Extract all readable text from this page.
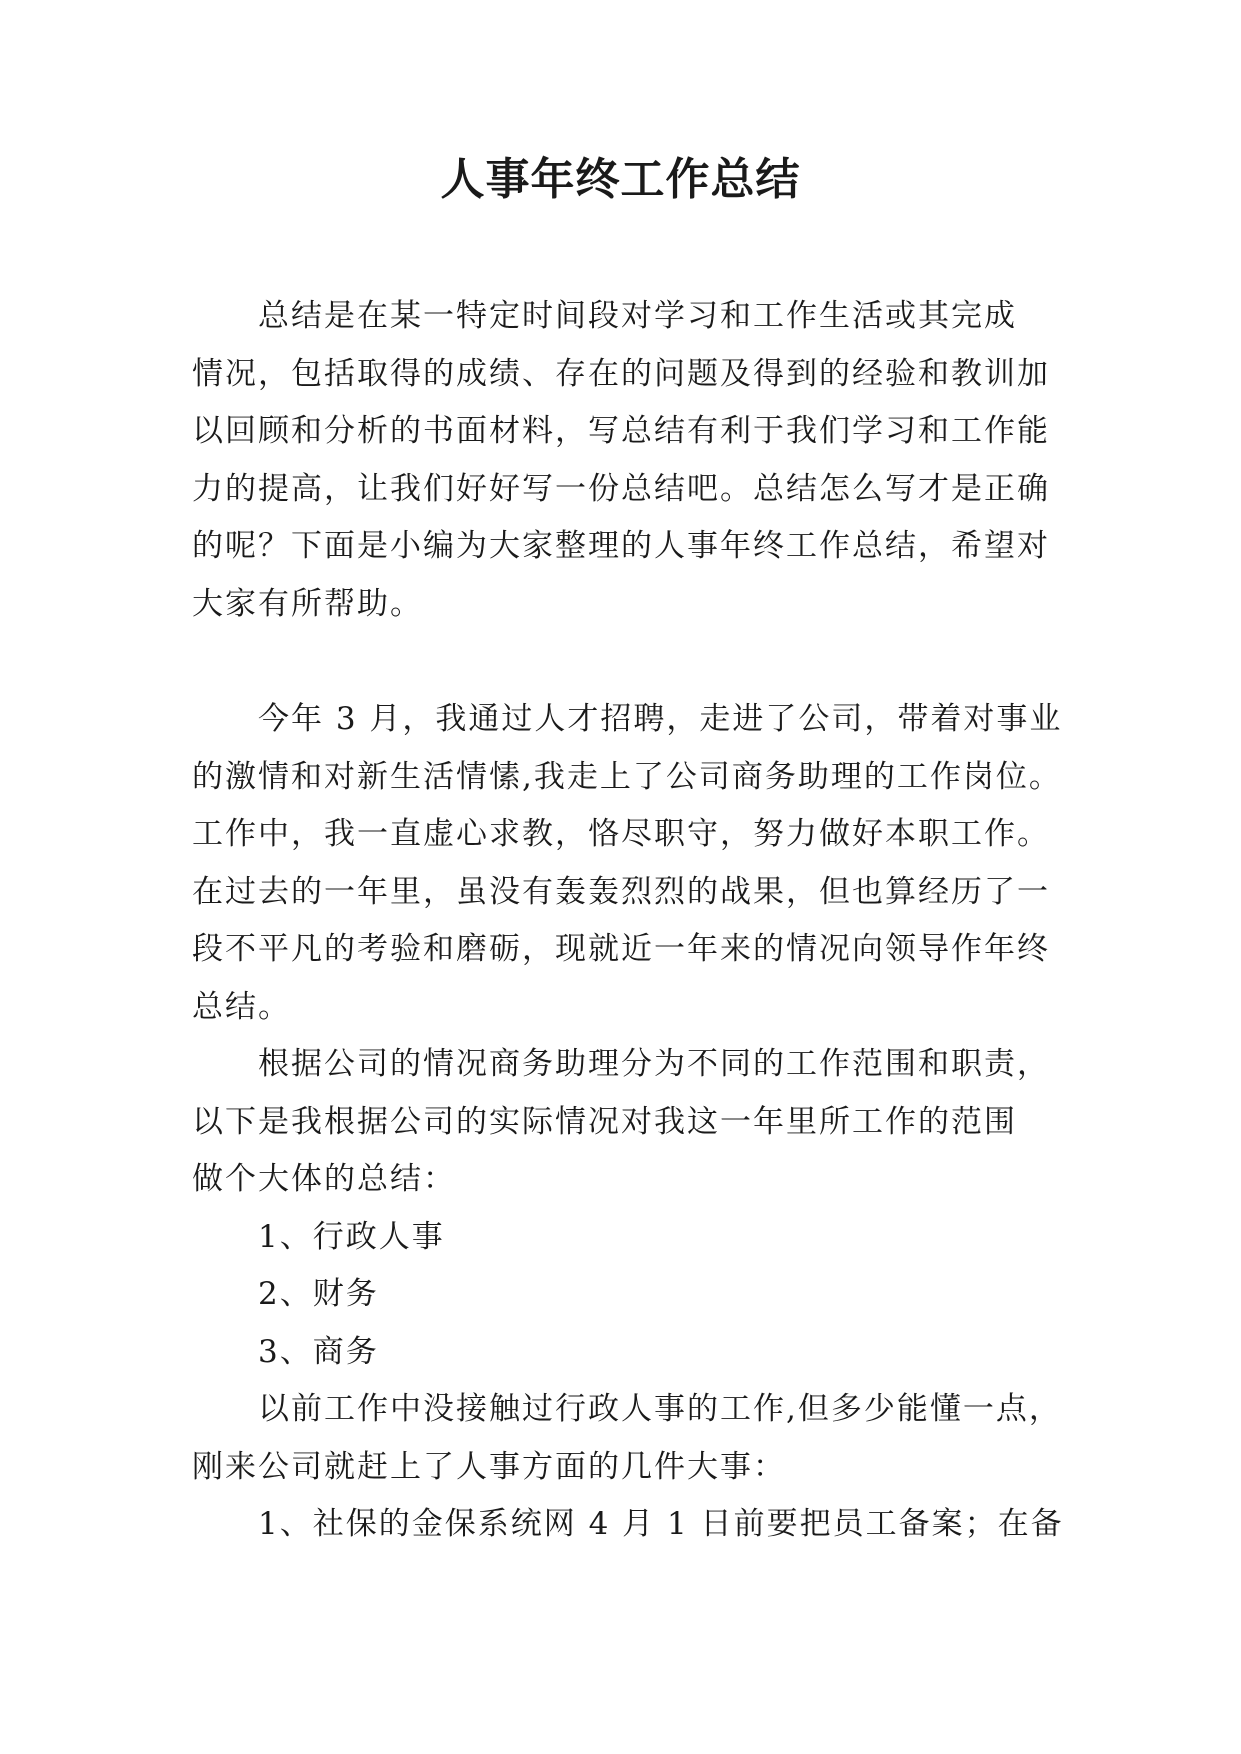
人事年终工作总结
总结是在某一特定时间段对学习和工作生活或其完成
情况，包括取得的成绩、存在的问题及得到的经验和教训加
以回顾和分析的书面材料，写总结有利于我们学习和工作能
力的提高，让我们好好写一份总结吧。总结怎么写才是正确
的呢？下面是小编为大家整理的人事年终工作总结，希望对
大家有所帮助。
今年 3 月，我通过人才招聘，走进了公司，带着对事业
的激情和对新生活情愫,我走上了公司商务助理的工作岗位。
工作中，我一直虚心求教，恪尽职守，努力做好本职工作。
在过去的一年里，虽没有轰轰烈烈的战果，但也算经历了一
段不平凡的考验和磨砺，现就近一年来的情况向领导作年终
总结。
根据公司的情况商务助理分为不同的工作范围和职责，
以下是我根据公司的实际情况对我这一年里所工作的范围
做个大体的总结：
1、行政人事
2、财务
3、商务
以前工作中没接触过行政人事的工作,但多少能懂一点，
刚来公司就赶上了人事方面的几件大事：
1、社保的金保系统网 4 月 1 日前要把员工备案；在备
